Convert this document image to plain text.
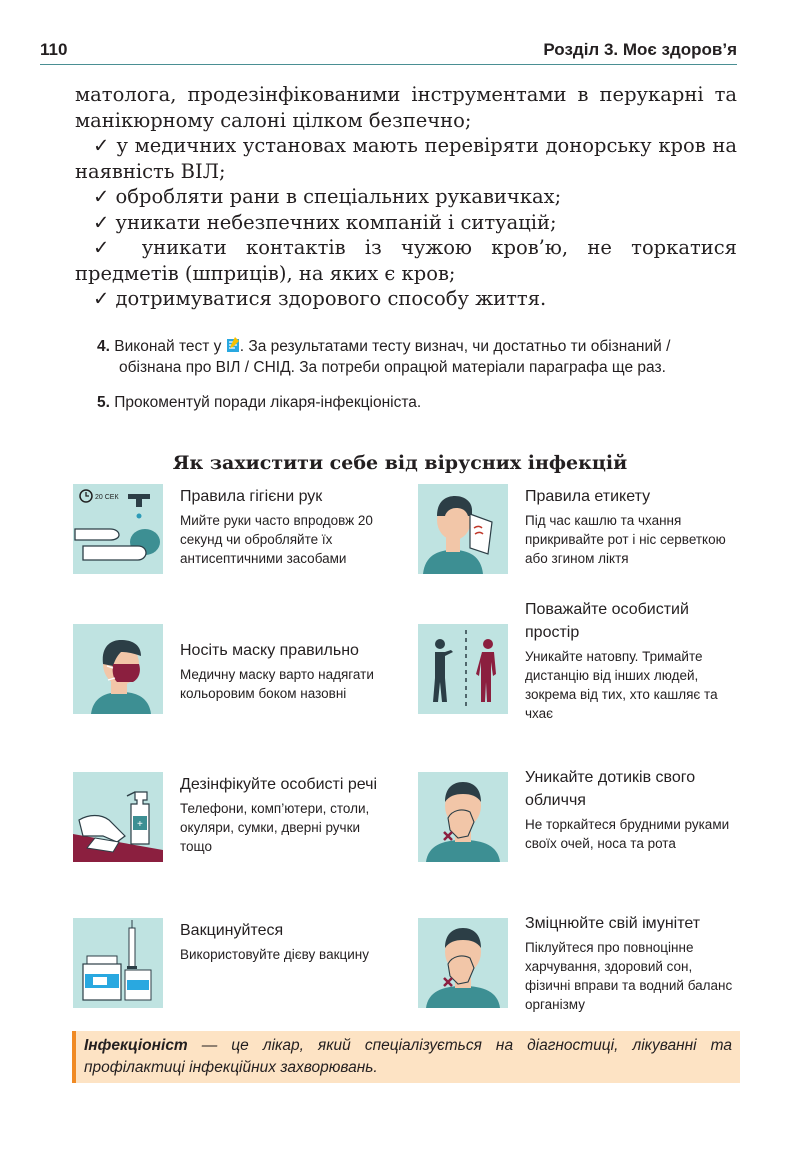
110	Розділ 3. Моє здоров’я

матолога, продезінфікованими інструментами в перукарні та манікюрному салоні цілком безпечно;

✓ у медичних установах мають перевіряти донорську кров на наявність ВІЛ;

✓ обробляти рани в спеціальних рукавичках;

✓ уникати небезпечних компаній і ситуацій;

✓ уникати контактів із чужою кров’ю, не торкатися предметів (шприців), на яких є кров;

✓ дотримуватися здорового способу життя.

4. Виконай тест у . За результатами тесту визнач, чи достатньо ти обізнаний / обізнана про ВІЛ / СНІД. За потреби опрацюй матеріали параграфа ще раз.

5. Прокоментуй поради лікаря-інфекціоніста.

Як захистити себе від вірусних інфекцій
20 СЕК	Правила гігієни рук
Мийте руки часто впродовж 20 секунд чи обробляйте їх антисептичними засобами
Правила етикету
Під час кашлю та чхання прикривайте рот і ніс серветкою або згином ліктя
Носіть маску правильно
Медичну маску варто надягати кольоровим боком назовні
Поважайте особистий простір
Уникайте натовпу. Тримайте дистанцію від інших людей, зокрема від тих, хто кашляє та чхає
+
Дезінфікуйте особисті речі
Телефони, комп’ютери, столи, окуляри, сумки, дверні ручки тощо
Уникайте дотиків свого обличчя
Не торкайтеся брудними руками своїх очей, носа та рота
Вакцинуйтеся
Використовуйте дієву вакцину
Зміцнюйте свій імунітет
Піклуйтеся про повноцінне харчування, здоровий сон, фізичні вправи та водний баланс організму

Інфекціоніст — це лікар, який спеціалізується на діагностиці, лікуванні та профілактиці інфекційних захворювань.
